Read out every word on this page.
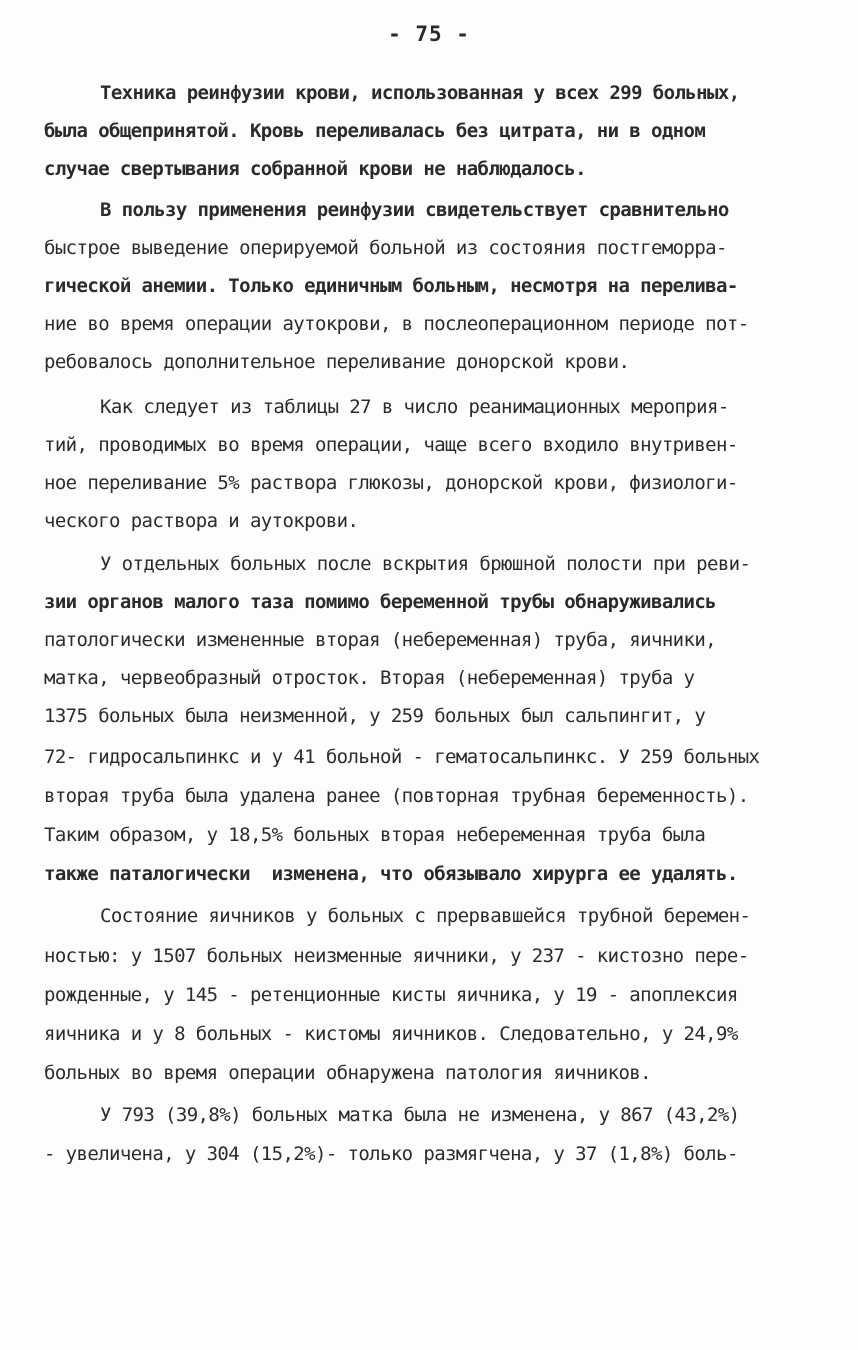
- 75 -
Техника реинфузии крови, использованная у всех 299 больных,
была общепринятой. Кровь переливалась без цитрата, ни в одном
случае свертывания собранной крови не наблюдалось.
В пользу применения реинфузии свидетельствует сравнительно
быстрое выведение оперируемой больной из состояния постгеморра-
гической анемии. Только единичным больным, несмотря на перелива-
ние во время операции аутокрови, в послеоперационном периоде пот-
ребовалось дополнительное переливание донорской крови.
Как следует из таблицы 27 в число реанимационных мероприя-
тий, проводимых во время операции, чаще всего входило внутривен-
ное переливание 5% раствора глюкозы, донорской крови, физиологи-
ческого раствора и аутокрови.
У отдельных больных после вскрытия брюшной полости при реви-
зии органов малого таза помимо беременной трубы обнаруживались
патологически измененные вторая (небеременная) труба, яичники,
матка, червеобразный отросток. Вторая (небеременная) труба у
1375 больных была неизменной, у 259 больных был сальпингит, у
72- гидросальпинкс и у 41 больной - гематосальпинкс. У 259 больных
вторая труба была удалена ранее (повторная трубная беременность).
Таким образом, у 18,5% больных вторая небеременная труба была
также паталогически  изменена, что обязывало хирурга ее удалять.
Состояние яичников у больных с прервавшейся трубной беремен-
ностью: у 1507 больных неизменные яичники, у 237 - кистозно пере-
рожденные, у 145 - ретенционные кисты яичника, у 19 - апоплексия
яичника и у 8 больных - кистомы яичников. Следовательно, у 24,9%
больных во время операции обнаружена патология яичников.
У 793 (39,8%) больных матка была не изменена, у 867 (43,2%)
- увеличена, у 304 (15,2%)- только размягчена, у 37 (1,8%) боль-
